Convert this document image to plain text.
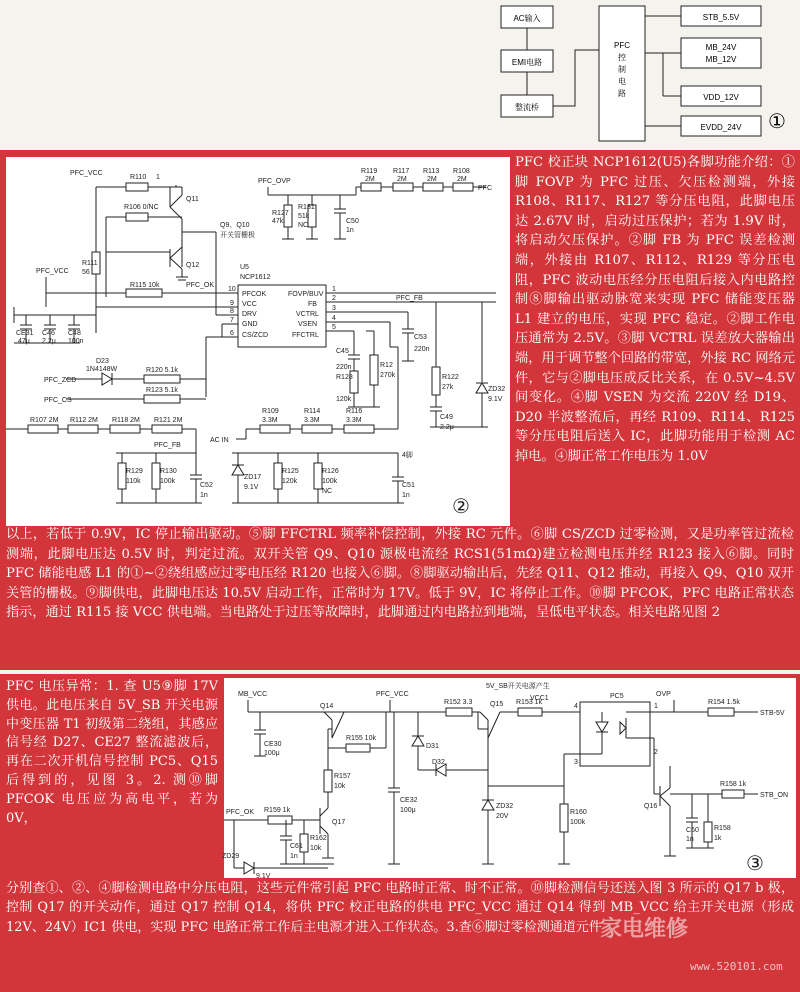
AC输入
EMI电路
整流桥
PFC
控
制
电
路
STB_5.5V
MB_24V
MB_12V
VDD_12V
EVDD_24V ①
PFC_VCC
R110 1
Q11
R106 0/NC
Q12
Q9、Q10
开关管栅极
R111
56
PFC_OVP
R127
47k
R131
51k
NC
C50
1n
R119
2M
R117
2M
R113
2M
R108
2M
PFC
PFC_VCC
R115 10k	PFC_OK
U5
NCP1612
PFCOK
VCC
DRV
GND
CS/ZCD
FOVP/BUV
FB
VCTRL
VSEN
FFCTRL
10
9
8
7
6
1
2
3
4
5
PFC_FB
CE31
47μ
C46
2.2μ
C48
100n
D23
1N4148W
PFC_ZCD
R120 5.1k
PFC_CS
R123 5.1k
C45
220n
R128
120k
R12
270k
C53
220n
R122
27k
C49
2.2μ
ZD32
9.1V
R107 2M R112 2M R118 2M R121 2M
PFC_FB
R129
110k
R130
100k
C52
1n
AC IN
R109
3.3M
R114
3.3M
R116
3.3M
ZD17
9.1V
R125
120k
R126
100k
NC
C51
1n
4脚
②
PFC 校正块 NCP1612(U5)各脚功能介绍：①脚 FOVP 为 PFC 过压、欠压检测端，外接 R108、R117、R127 等分压电阻，此脚电压达 2.67V 时，启动过压保护；若为 1.9V 时，将启动欠压保护。②脚 FB 为 PFC 误差检测端，外接由 R107、R112、R129 等分压电阻，PFC 波动电压经分压电阻后接入内电路控制⑧脚输出驱动脉宽来实现 PFC 储能变压器 L1 建立的电压，实现 PFC 稳定。②脚工作电压通常为 2.5V。③脚 VCTRL 误差放大器输出端，用于调节整个回路的带宽，外接 RC 网络元件，它与②脚电压成反比关系，在 0.5V~4.5V 间变化。④脚 VSEN 为交流 220V 经 D19、D20 半波整流后，再经 R109、R114、R125 等分压电阻后送入 IC，此脚功能用于检测 AC 掉电。④脚正常工作电压为 1.0V
以上，若低于 0.9V，IC 停止输出驱动。⑤脚 FFCTRL 频率补偿控制，外接 RC 元件。⑥脚 CS/ZCD 过零检测，又是功率管过流检测端，此脚电压达 0.5V 时，判定过流。双开关管 Q9、Q10 源极电流经 RCS1(51mΩ)建立检测电压并经 R123 接入⑥脚。同时 PFC 储能电感 L1 的①~②绕组感应过零电压经 R120 也接入⑥脚。⑧脚驱动输出后，先经 Q11、Q12 推动，再接入 Q9、Q10 双开关管的栅极。⑨脚供电，此脚电压达 10.5V 启动工作，正常时为 17V。低于 9V，IC 将停止工作。⑩脚 PFCOK，PFC 电路正常状态指示，通过 R115 接 VCC 供电端。当电路处于过压等故障时，此脚通过内电路拉到地端，呈低电平状态。相关电路见图 2
MB_VCC	PFC_VCC
5V_SB开关电源产生
VCC1
OVP
Q14
R155 10k
CE30
100μ
R157
10k
R152 3.3	Q15 R153 1k
PC5
R154 1.5k
STB-5V
D31
D32
CE32
100μ
ZD32
20V
R160
100k
PFC_OK R159 1k
Q17
R162
10k
C61
1n
ZD29
9.1V
Q16
R158 1k
STB_ON
C60
1n
R158
1k
1
2
3
4
③
PFC 电压异常：1. 查 U5⑨脚 17V 供电。此电压来自 5V_SB 开关电源中变压器 T1 初级第二绕组，其感应信号经 D27、CE27 整流滤波后，再在二次开机信号控制 PC5、Q15 后得到的，见图 3。2. 测⑩脚 PFCOK 电压应为高电平，若为 0V，
分别查①、②、④脚检测电路中分压电阻，这些元件常引起 PFC 电路时正常、时不正常。⑩脚检测信号还送入图 3 所示的 Q17 b 极，控制 Q17 的开关动作，通过 Q17 控制 Q14，将供 PFC 校正电路的供电 PFC_VCC 通过 Q14 得到 MB_VCC 给主开关电源（形成 12V、24V）IC1 供电，实现 PFC 电路正常工作后主电源才进入工作状态。3.查⑥脚过零检测通道元件
家电维修
www.520101.com
